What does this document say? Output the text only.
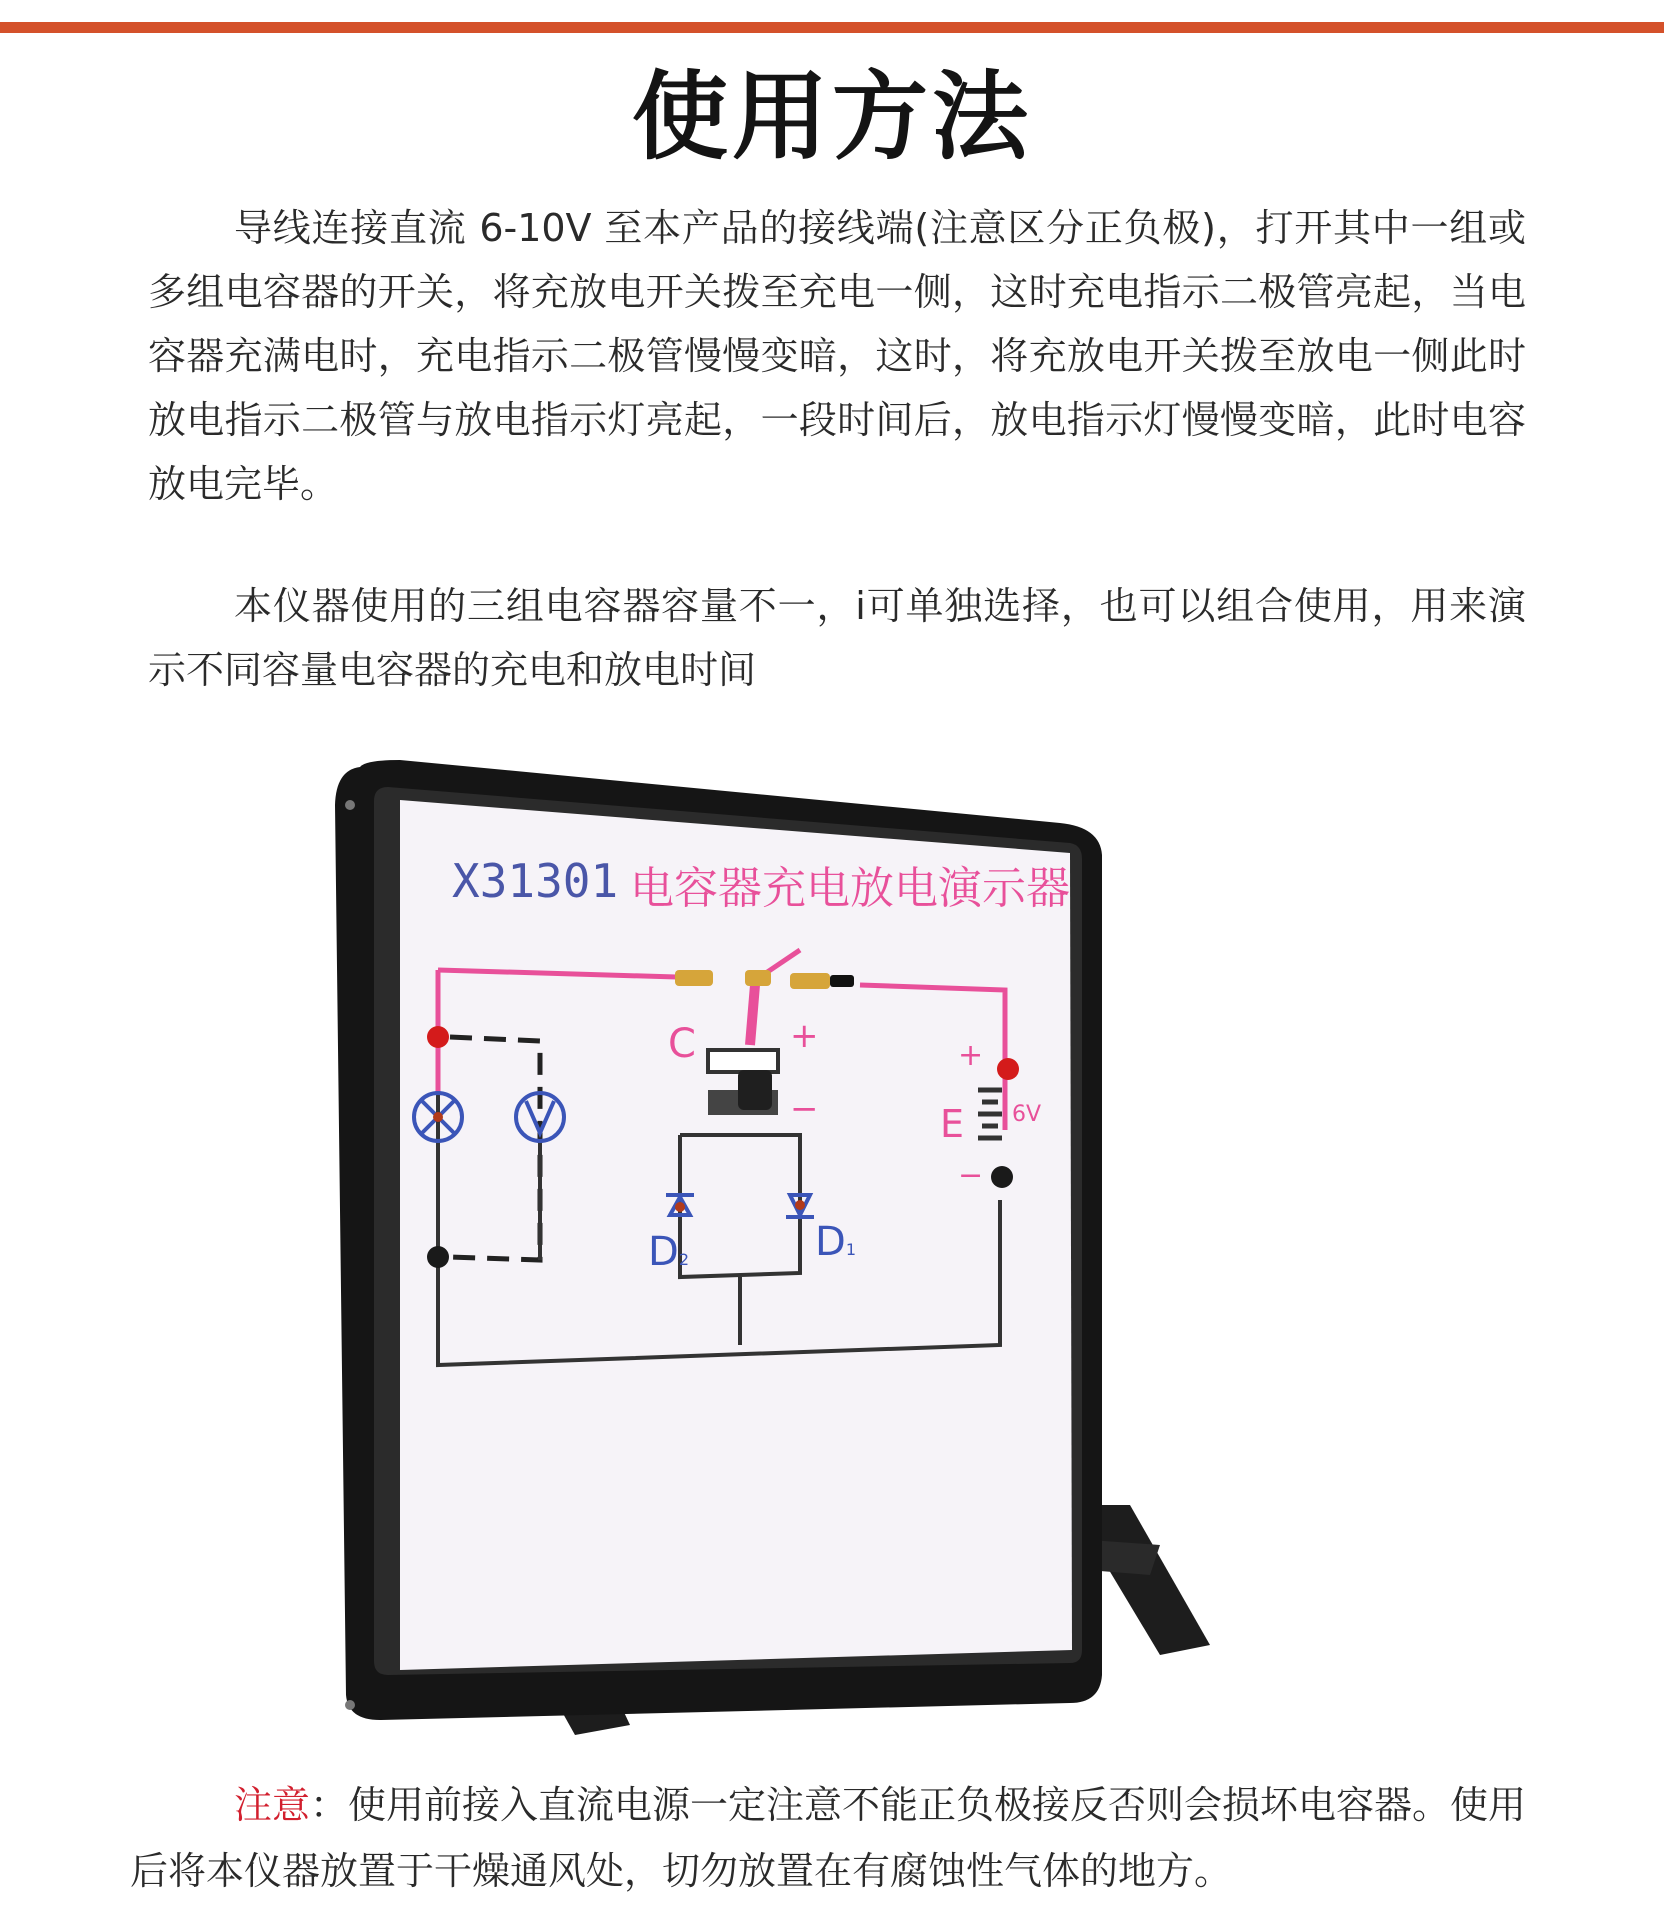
使用方法

导线连接直流 6-10V 至本产品的接线端(注意区分正负极)，打开其中一组或多组电容器的开关，将充放电开关拨至充电一侧，这时充电指示二极管亮起，当电容器充满电时，充电指示二极管慢慢变暗，这时，将充放电开关拨至放电一侧此时放电指示二极管与放电指示灯亮起，一段时间后，放电指示灯慢慢变暗，此时电容放电完毕。

本仪器使用的三组电容器容量不一，i可单独选择，也可以组合使用，用来演示不同容量电容器的充电和放电时间

X31301 电容器充电放电演示器
C	+
−
D2	D1
E
+
−
6V

注意：使用前接入直流电源一定注意不能正负极接反否则会损坏电容器。使用后将本仪器放置于干燥通风处，切勿放置在有腐蚀性气体的地方。
